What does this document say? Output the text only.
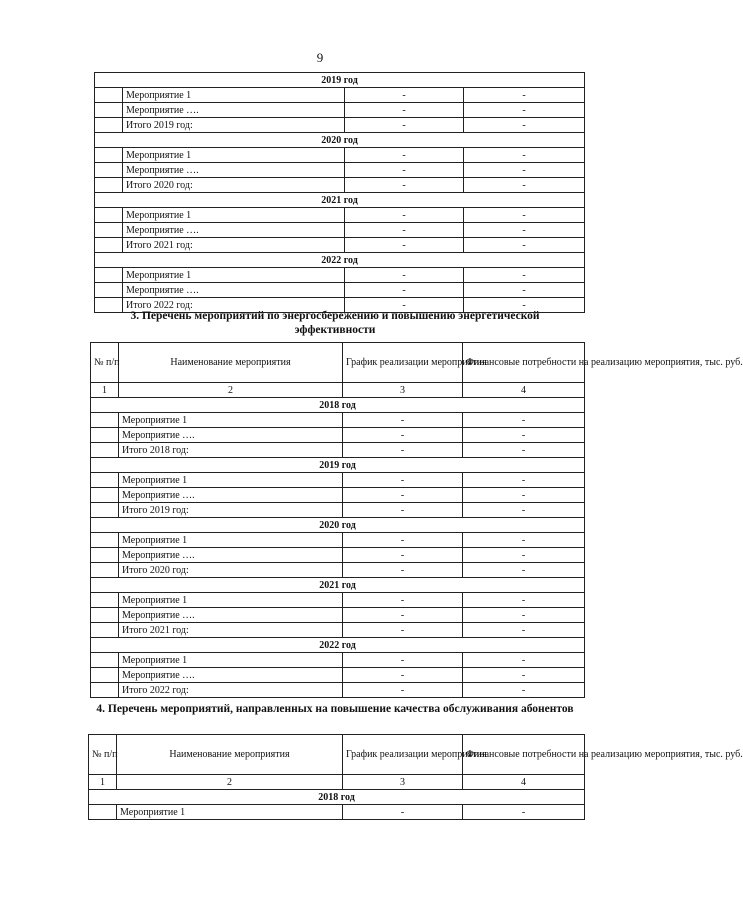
9
2019 год			
	Мероприятие 1	-	-
	Мероприятие ….	-	-
	Итого 2019 год:	-	-
2020 год			
	Мероприятие 1	-	-
	Мероприятие ….	-	-
	Итого 2020 год:	-	-
2021 год			
	Мероприятие 1	-	-
	Мероприятие ….	-	-
	Итого 2021 год:	-	-
2022 год			
	Мероприятие 1	-	-
	Мероприятие ….	-	-
	Итого 2022 год:	-	-
3. Перечень мероприятий по энергосбережению и повышению энергетической эффективности
№ п/п	Наименование мероприятия	График реализации мероприятия	Финансовые потребности на реализацию мероприятия, тыс. руб.
1	2	3	4
2018 год			
	Мероприятие 1	-	-
	Мероприятие ….	-	-
	Итого 2018 год:	-	-
2019 год			
	Мероприятие 1	-	-
	Мероприятие ….	-	-
	Итого 2019 год:	-	-
2020 год			
	Мероприятие 1	-	-
	Мероприятие ….	-	-
	Итого 2020 год:	-	-
2021 год			
	Мероприятие 1	-	-
	Мероприятие ….	-	-
	Итого 2021 год:	-	-
2022 год			
	Мероприятие 1	-	-
	Мероприятие ….	-	-
	Итого 2022 год:	-	-
4. Перечень мероприятий, направленных на повышение качества обслуживания абонентов
№ п/п	Наименование мероприятия	График реализации мероприятия	Финансовые потребности на реализацию мероприятия, тыс. руб.
1	2	3	4
2018 год			
	Мероприятие 1	-	-
